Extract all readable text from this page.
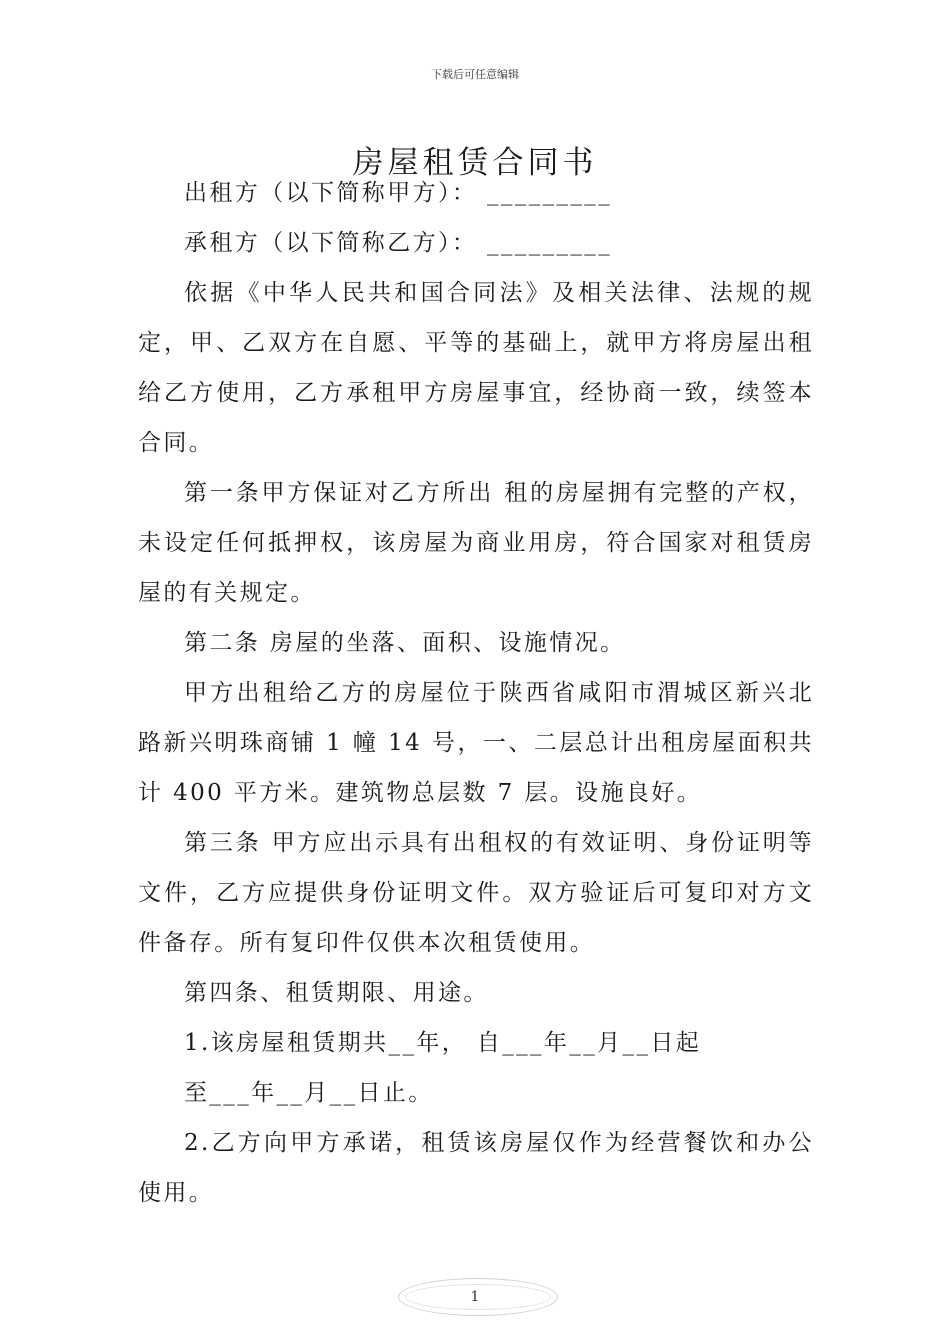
下载后可任意编辑
房屋租赁合同书

出租方（以下简称甲方）： _________

承租方（以下简称乙方）： _________

依据《中华人民共和国合同法》及相关法律、法规的规定，甲、乙双方在自愿、平等的基础上，就甲方将房屋出租给乙方使用，乙方承租甲方房屋事宜，经协商一致，续签本合同。

第一条甲方保证对乙方所出 租的房屋拥有完整的产权，未设定任何抵押权，该房屋为商业用房，符合国家对租赁房屋的有关规定。

第二条 房屋的坐落、面积、设施情况。

甲方出租给乙方的房屋位于陕西省咸阳市渭城区新兴北路新兴明珠商铺 1 幢 14 号，一、二层总计出租房屋面积共计 400 平方米。建筑物总层数 7 层。设施良好。

第三条 甲方应出示具有出租权的有效证明、身份证明等文件，乙方应提供身份证明文件。双方验证后可复印对方文件备存。所有复印件仅供本次租赁使用。

第四条、租赁期限、用途。

1.该房屋租赁期共__年， 自___年__月__日起

至___年__月__日止。

2.乙方向甲方承诺，租赁该房屋仅作为经营餐饮和办公使用。

1
